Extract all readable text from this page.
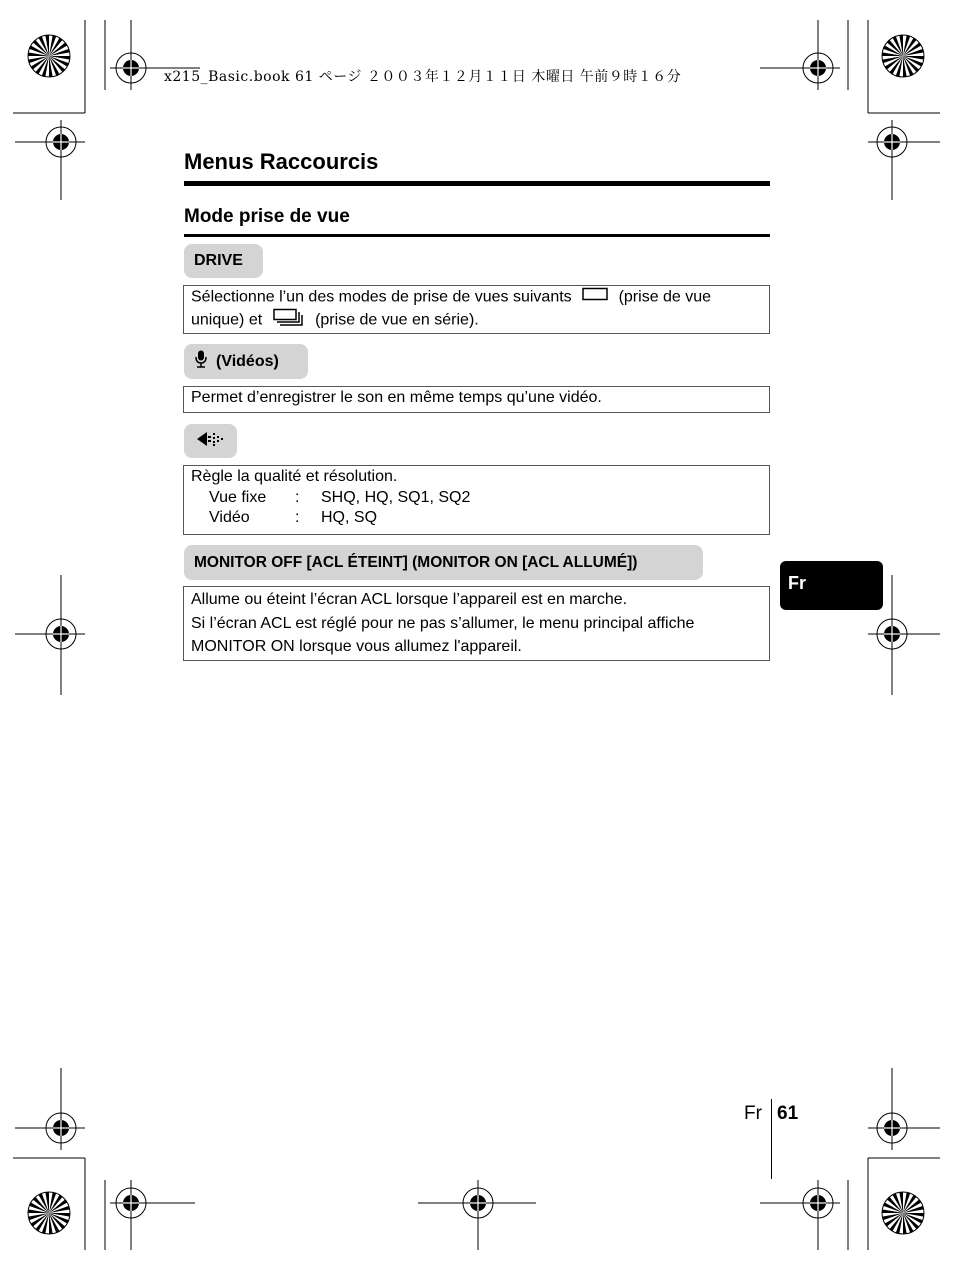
x215_Basic.book 61 ページ ２００３年１２月１１日 木曜日 午前９時１６分
Menus Raccourcis
Mode prise de vue
DRIVE
Sélectionne l’un des modes de prise de vues suivants	(prise de vue
unique) et	(prise de vue en série).
(Vidéos)
Permet d’enregistrer le son en même temps qu’une vidéo.
Règle la qualité et résolution.
Vue fixe	:	SHQ, HQ, SQ1, SQ2
Vidéo	:	HQ, SQ
MONITOR OFF [ACL ÉTEINT] (MONITOR ON [ACL ALLUMÉ])
Allume ou éteint l’écran ACL lorsque l’appareil est en marche.
Si l’écran ACL est réglé pour ne pas s’allumer, le menu principal affiche
MONITOR ON lorsque vous allumez l'appareil.
Fr
Fr 61
